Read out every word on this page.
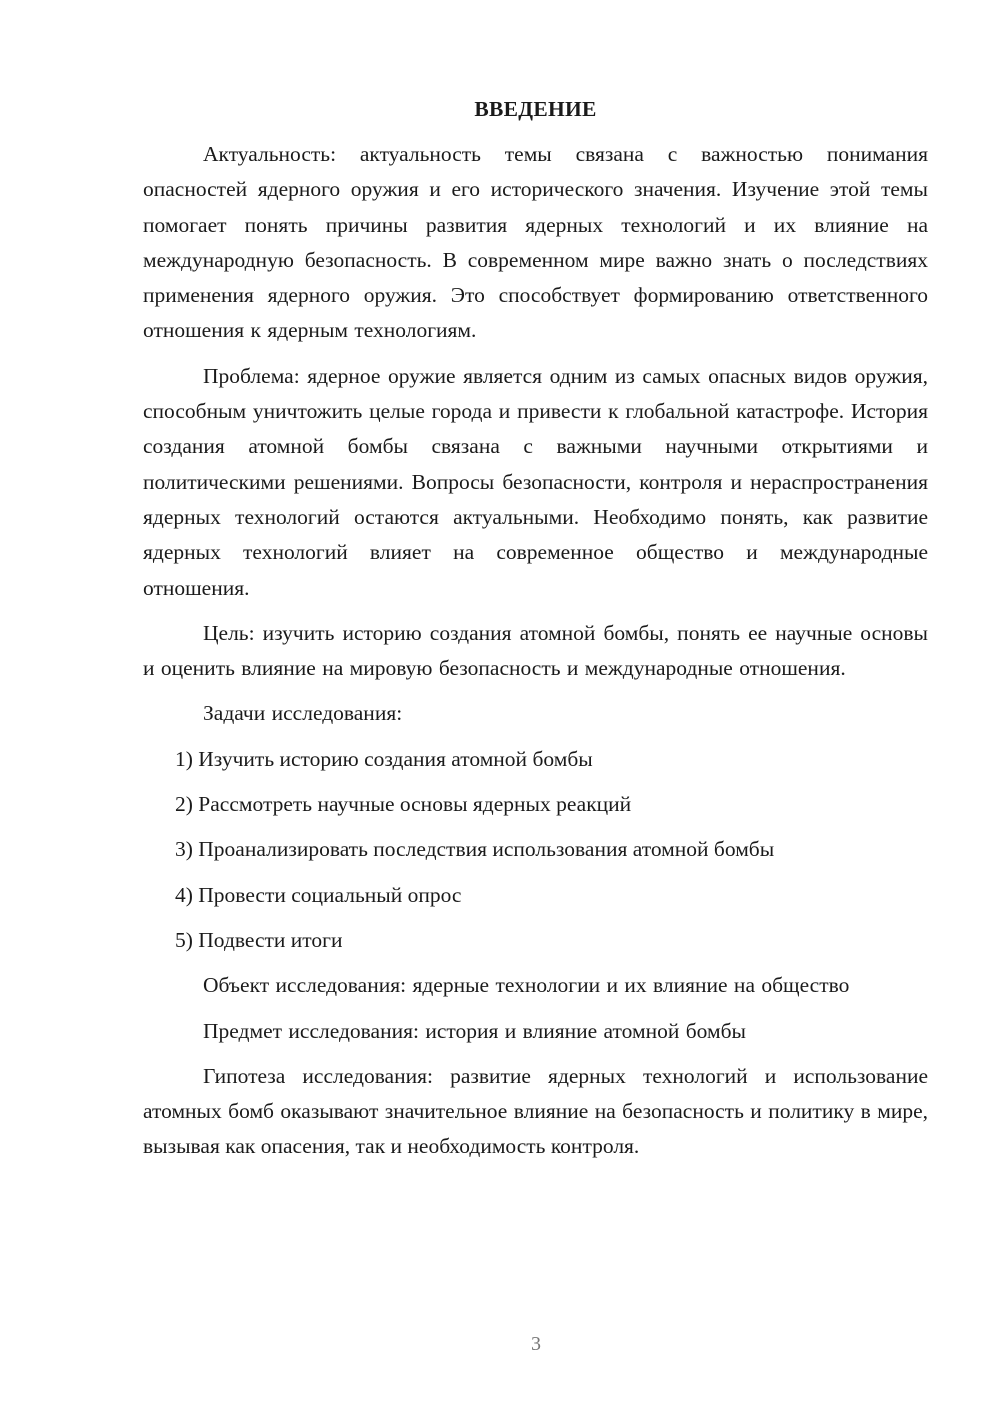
ВВЕДЕНИЕ

Актуальность: актуальность темы связана с важностью понимания опасностей ядерного оружия и его исторического значения. Изучение этой темы помогает понять причины развития ядерных технологий и их влияние на международную безопасность. В современном мире важно знать о последствиях применения ядерного оружия. Это способствует формированию ответственного отношения к ядерным технологиям.

Проблема: ядерное оружие является одним из самых опасных видов оружия, способным уничтожить целые города и привести к глобальной катастрофе. История создания атомной бомбы связана с важными научными открытиями и политическими решениями. Вопросы безопасности, контроля и нераспространения ядерных технологий остаются актуальными. Необходимо понять, как развитие ядерных технологий влияет на современное общество и международные отношения.

Цель: изучить историю создания атомной бомбы, понять ее научные основы и оценить влияние на мировую безопасность и международные отношения.

Задачи исследования:

1) Изучить историю создания атомной бомбы
2) Рассмотреть научные основы ядерных реакций
3) Проанализировать последствия использования атомной бомбы
4) Провести социальный опрос
5) Подвести итоги

Объект исследования: ядерные технологии и их влияние на общество

Предмет исследования: история и влияние атомной бомбы

Гипотеза исследования: развитие ядерных технологий и использование атомных бомб оказывают значительное влияние на безопасность и политику в мире, вызывая как опасения, так и необходимость контроля.

3
